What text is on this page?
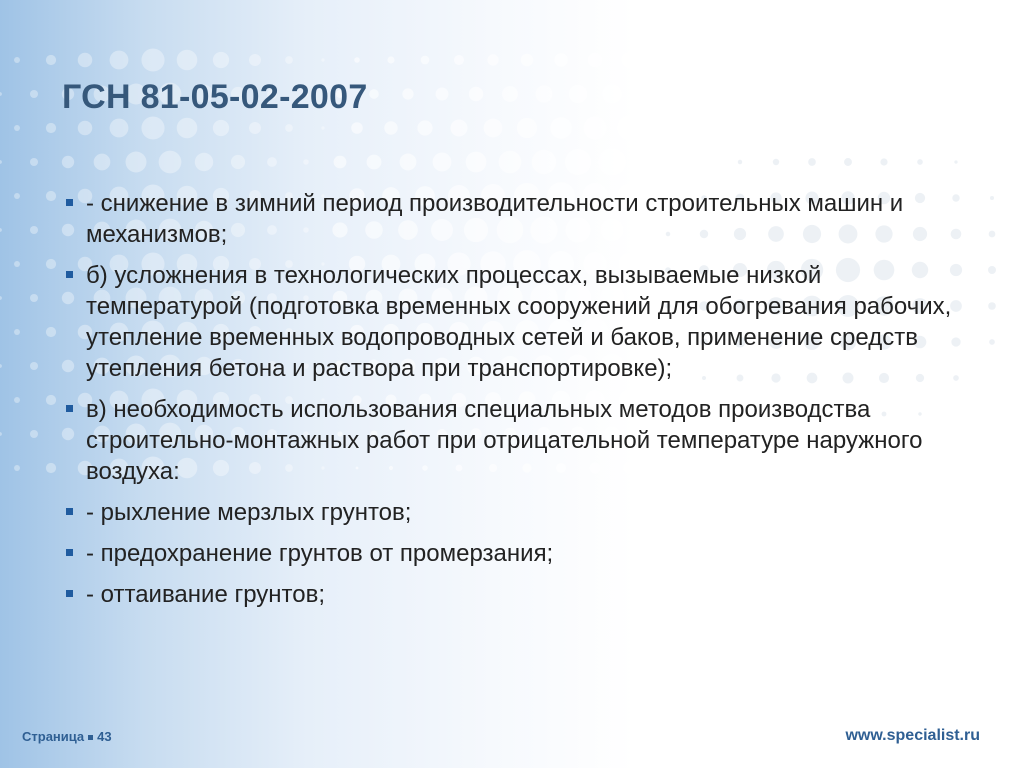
ГСН 81-05-02-2007
- снижение в зимний период производительности строительных машин и механизмов;
б) усложнения в технологических процессах, вызываемые низкой температурой (подготовка временных сооружений для обогревания рабочих, утепление временных водопроводных сетей и баков, применение средств утепления бетона и раствора при транспортировке);
в) необходимость использования специальных методов производства строительно-монтажных работ при отрицательной температуре наружного воздуха:
- рыхление мерзлых грунтов;
- предохранение грунтов от промерзания;
- оттаивание грунтов;
Страница 43	www.specialist.ru
